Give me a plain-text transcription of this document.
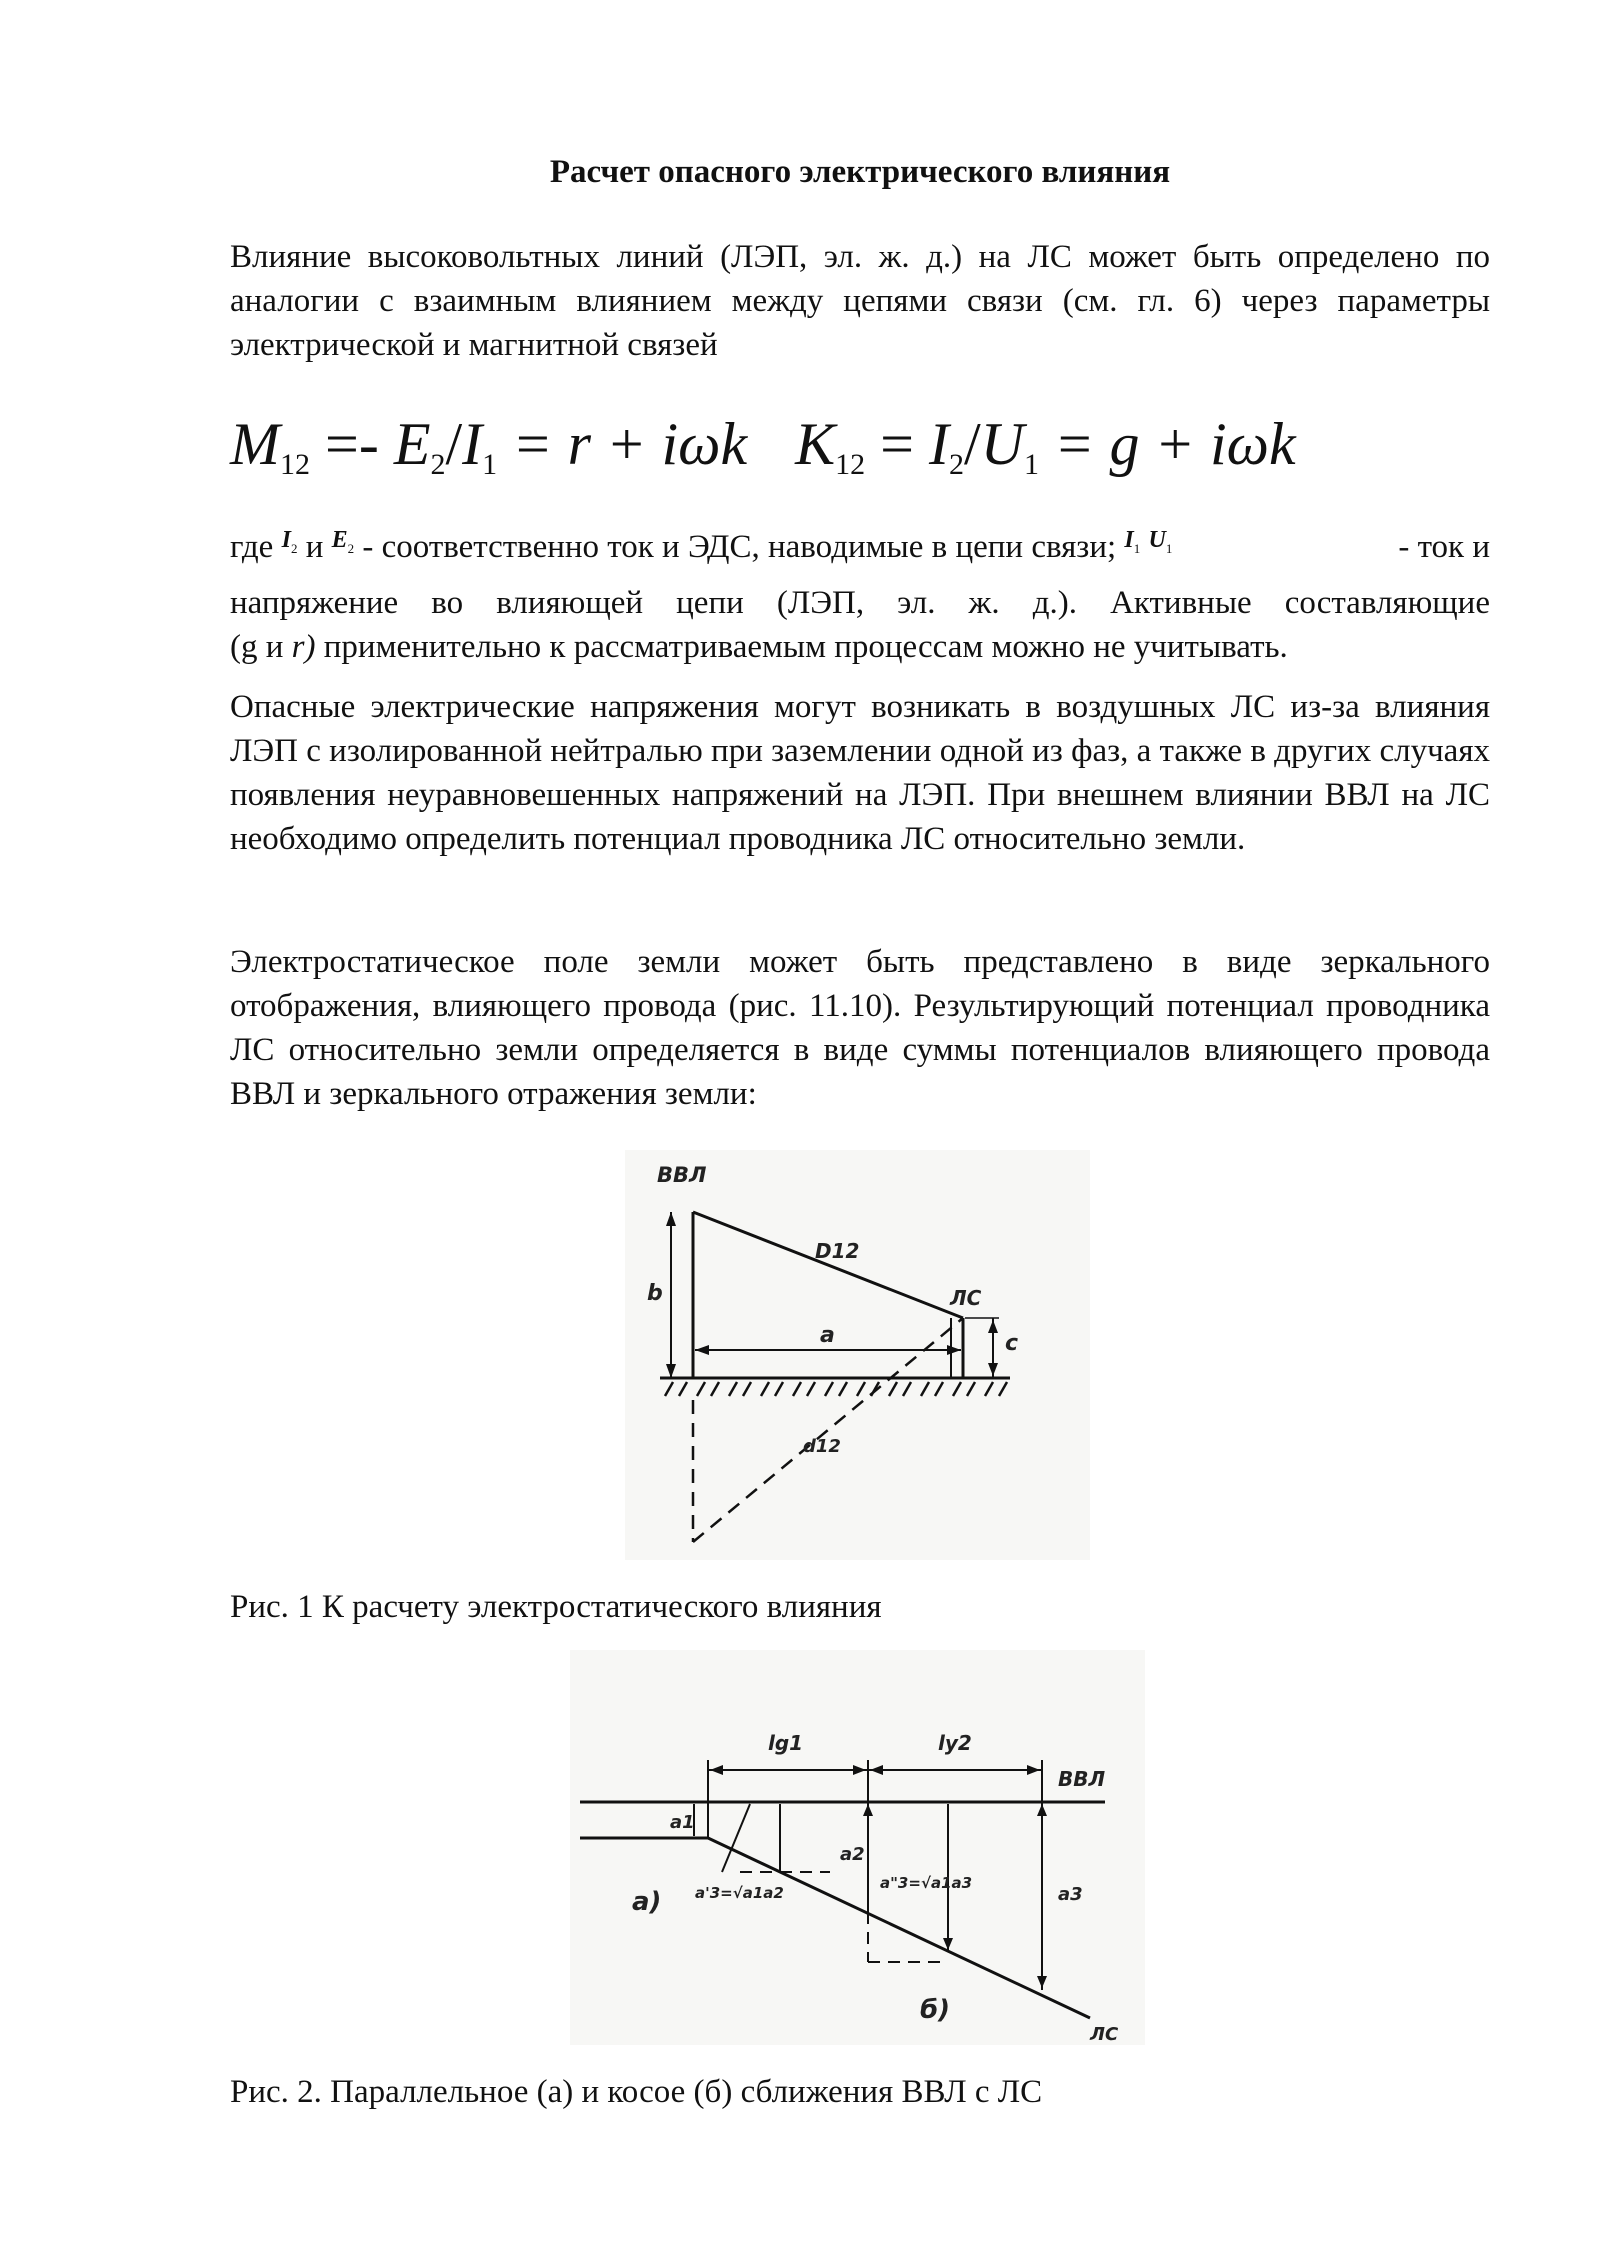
Расчет опасного электрического влияния
Влияние высоковольтных линий (ЛЭП, эл. ж. д.) на ЛС может быть определено по аналогии с взаимным влиянием между цепями связи (см. гл. 6) через параметры электрической и магнитной связей
$M_{12} =- E_2/I_1 = r + i\omega k$ $K_{12} = I_2/U_1 = g + i\omega k$
где $^{I_2}$ и $^{E_2}$ - соответственно ток и ЭДС, наводимые в цепи связи; $^{I_1}$ $^{U_1}$	- ток и
напряжение во влияющей цепи (ЛЭП, эл. ж. д.). Активные составляющие
(g и r) применительно к рассматриваемым процессам можно не учитывать.
Опасные электрические напряжения могут возникать в воздушных ЛС из-за влияния ЛЭП с изолированной нейтралью при заземлении одной из фаз, а также в других случаях появления неуравновешенных напряжений на ЛЭП. При внешнем влиянии ВВЛ на ЛС необходимо определить потенциал проводника ЛС относительно земли.
Электростатическое поле земли может быть представлено в виде зеркального отображения, влияющего провода (рис. 11.10). Результирующий потенциал проводника ЛС относительно земли определяется в виде суммы потенциалов влияющего провода ВВЛ и зеркального отражения земли:
ВВЛ
ЛС
D12
b
a	c
d12
Рис. 1 К расчету электростатического влияния
lg1	ly2
ВВЛ
a1
a2
a3
a'3=√a1a2
a"3=√a1a3
а)
б)
ЛС
Рис. 2. Параллельное (а) и косое (б) сближения ВВЛ с ЛС
